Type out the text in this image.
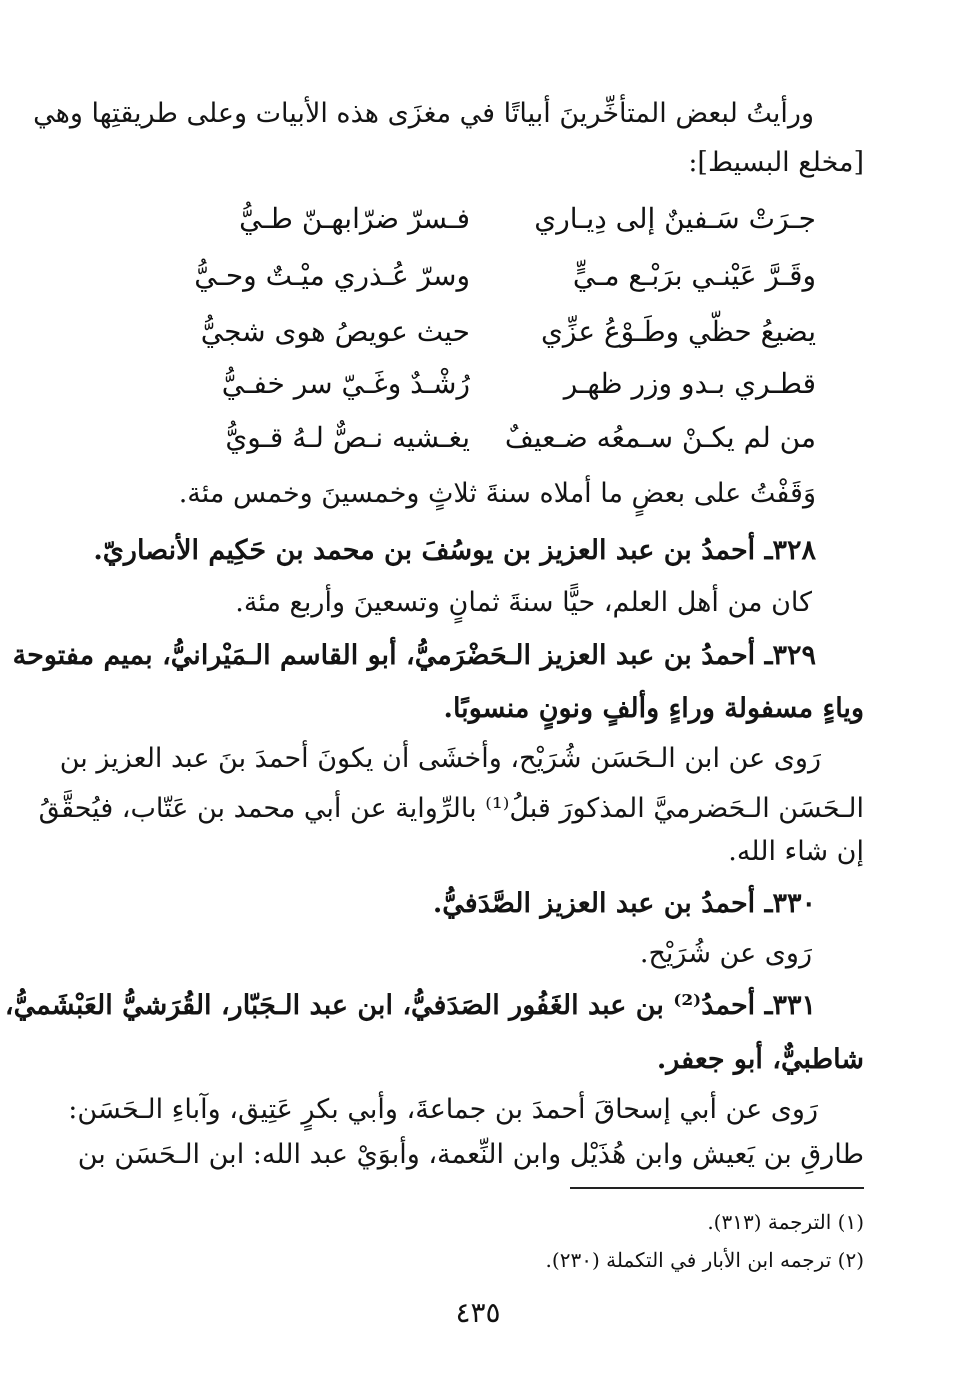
ورأيتُ لبعض المتأخِّرينَ أبياتًا في مغزَى هذه الأبيات وعلى طريقتِها وهي
[مخلع البسيط]:
جـرَتْ سَـفينٌ إلى دِيـاري
فـسرّ ضرّابهـنّ طـيُّ
وقَـرَّ عَيْنـي برَبْـع مـيٍّ
وسرّ عُـذري ميْـتٌ وحـيُّ
يضيعُ حظّي وطَـوْعُ عزِّي
حيث عويصُ هوى شجيُّ
قطـري بـدو وزر ظهـر
رُشْـدٌ وغَـيّ سر خفـيُّ
من لم يكـنْ سـمعُه ضـعيفٌ
يغـشيه نـصٌّ لـهُ قـويُّ
وَقَفْتُ على بعضٍ ما أملاه سنةَ ثلاثٍ وخمسينَ وخمس مئة.
٣٢٨ـ أحمدُ بن عبد العزيز بن يوسُفَ بن محمد بن حَكِيم الأنصاريّ.
كان من أهل العلم، حيًّا سنةَ ثمانٍ وتسعينَ وأربع مئة.
٣٢٩ـ أحمدُ بن عبد العزيز الـحَضْرَميُّ، أبو القاسم الـمَيْرانيُّ، بميم مفتوحة
وياءٍ مسفولة وراءٍ وألفٍ ونونٍ منسوبًا.
رَوى عن ابن الـحَسَن شُرَيْح، وأخشَى أن يكونَ أحمدَ بنَ عبد العزيز بن
الـحَسَن الـحَضرميَّ المذكورَ قبلُ⁽¹⁾ بالرِّواية عن أبي محمد بن عَتّاب، فيُحقَّقُ
إن شاء الله.
٣٣٠ـ أحمدُ بن عبد العزيز الصَّدَفيُّ.
رَوى عن شُرَيْح.
٣٣١ـ أحمدُ⁽²⁾ بن عبد الغَفُور الصَدَفيُّ، ابن عبد الـجَبّار، القُرَشيُّ العَبْشَميُّ،
شاطبيٌّ، أبو جعفر.
رَوى عن أبي إسحاقَ أحمدَ بن جماعةَ، وأبي بكرٍ عَتِيق، وآباءِ الـحَسَن:
طارقِ بن يَعيش وابن هُذَيْل وابن النِّعمة، وأبوَيْ عبد الله: ابن الـحَسَن بن
(١) الترجمة (٣١٣).
(٢) ترجمه ابن الأبار في التكملة (٢٣٠).
٤٣٥
